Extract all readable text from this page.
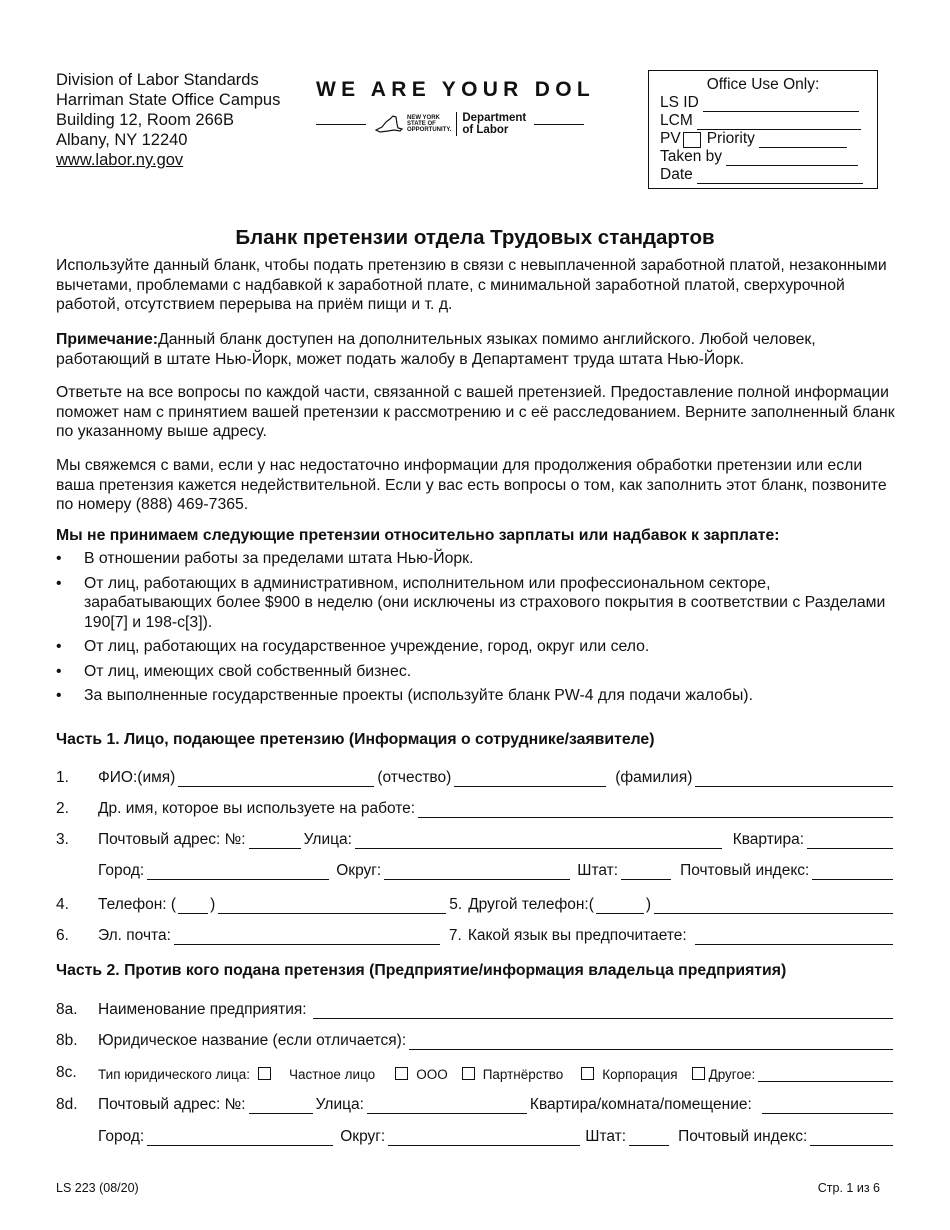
Division of Labor Standards
Harriman State Office Campus
Building 12, Room 266B
Albany, NY 12240
www.labor.ny.gov
WE ARE YOUR DOL
NEW YORK
STATE OF
OPPORTUNITY.
Department
of Labor
Office Use Only:
LS ID
LCM
PV Priority
Taken by
Date
Бланк претензии отдела Трудовых стандартов
Используйте данный бланк, чтобы подать претензию в связи с невыплаченной заработной платой, незаконными вычетами, проблемами с надбавкой к заработной плате, с минимальной заработной платой, сверхурочной работой, отсутствием перерыва на приём пищи и т. д.
Примечание:Данный бланк доступен на дополнительных языках помимо английского. Любой человек, работающий в штате Нью-Йорк, может подать жалобу в Департамент труда штата Нью-Йорк.
Ответьте на все вопросы по каждой части, связанной с вашей претензией. Предоставление полной информации поможет нам с принятием вашей претензии к рассмотрению и с её расследованием. Верните заполненный бланк по указанному выше адресу.
Мы свяжемся с вами, если у нас недостаточно информации для продолжения обработки претензии или если ваша претензия кажется недействительной. Если у вас есть вопросы о том, как заполнить этот бланк, позвоните по номеру (888) 469-7365.
Мы не принимаем следующие претензии относительно зарплаты или надбавок к зарплате:
•	В отношении работы за пределами штата Нью-Йорк.
•	От лиц, работающих в административном, исполнительном или профессиональном секторе, зарабатывающих более $900 в неделю (они исключены из страхового покрытия в соответствии с Разделами 190[7] и 198-c[3]).
•	От лиц, работающих на государственное учреждение, город, округ или село.
•	От лиц, имеющих свой собственный бизнес.
•	За выполненные государственные проекты (используйте бланк PW-4 для подачи жалобы).
Часть 1. Лицо, подающее претензию (Информация о сотруднике/заявителе)
1.	ФИО:(имя)	(отчество)	(фамилия)
2.	Др. имя, которое вы используете на работе:
3.	Почтовый адрес: №:	Улица:	Квартира:
Город:	Округ:	Штат:	Почтовый индекс:
4.	Телефон: ( )	5. Другой телефон:(	)
6.	Эл. почта:	7. Какой язык вы предпочитаете:
Часть 2. Против кого подана претензия (Предприятие/информация владельца предприятия)
8a.	Наименование предприятия:
8b.	Юридическое название (если отличается):
8c.	Тип юридического лица:	Частное лицо	ООО	Партнёрство	Корпорация Другое:
8d.	Почтовый адрес: №:	Улица:	Квартира/комната/помещение:
Город:	Округ:	Штат:	Почтовый индекс:
LS 223 (08/20)	Стр. 1 из 6
